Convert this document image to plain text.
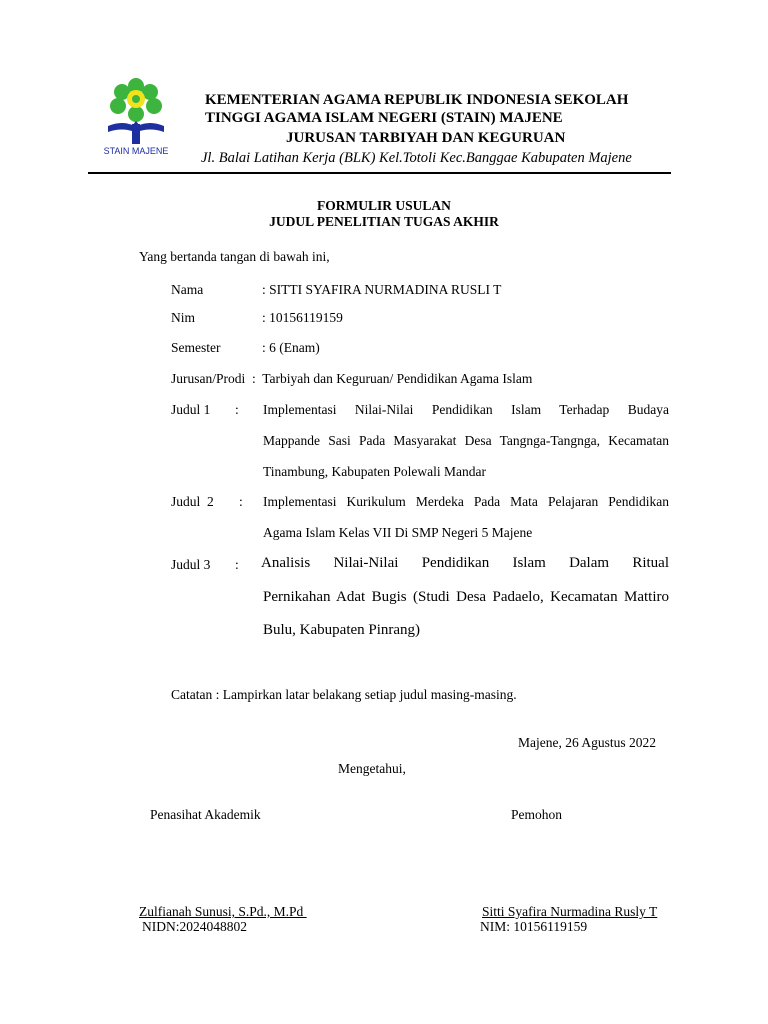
STAIN MAJENE
KEMENTERIAN AGAMA REPUBLIK INDONESIA SEKOLAH
TINGGI AGAMA ISLAM NEGERI (STAIN) MAJENE
JURUSAN TARBIYAH DAN KEGURUAN
Jl. Balai Latihan Kerja (BLK) Kel.Totoli Kec.Banggae Kabupaten Majene
FORMULIR USULAN
JUDUL PENELITIAN TUGAS AKHIR
Yang bertanda tangan di bawah ini,
Nama	: SITTI SYAFIRA NURMADINA RUSLI T
Nim	: 10156119159
Semester	: 6 (Enam)
Jurusan/Prodi  :  Tarbiyah dan Keguruan/ Pendidikan Agama Islam
Judul 1 : Implementasi Nilai-Nilai Pendidikan Islam Terhadap Budaya
Mappande Sasi Pada Masyarakat Desa Tangnga-Tangnga, Kecamatan
Tinambung, Kabupaten Polewali Mandar
Judul  2 : Implementasi Kurikulum Merdeka Pada Mata Pelajaran Pendidikan
Agama Islam Kelas VII Di SMP Negeri 5 Majene
Judul 3 : Analisis Nilai-Nilai Pendidikan Islam Dalam Ritual
Pernikahan Adat Bugis (Studi Desa Padaelo, Kecamatan Mattiro
Bulu, Kabupaten Pinrang)
Catatan : Lampirkan latar belakang setiap judul masing-masing.
Majene, 26 Agustus 2022
Mengetahui,
Penasihat Akademik	Pemohon
Zulfianah Sunusi, S.Pd., M.Pd
NIDN:2024048802
Sitti Syafira Nurmadina Rusly T
NIM: 10156119159
